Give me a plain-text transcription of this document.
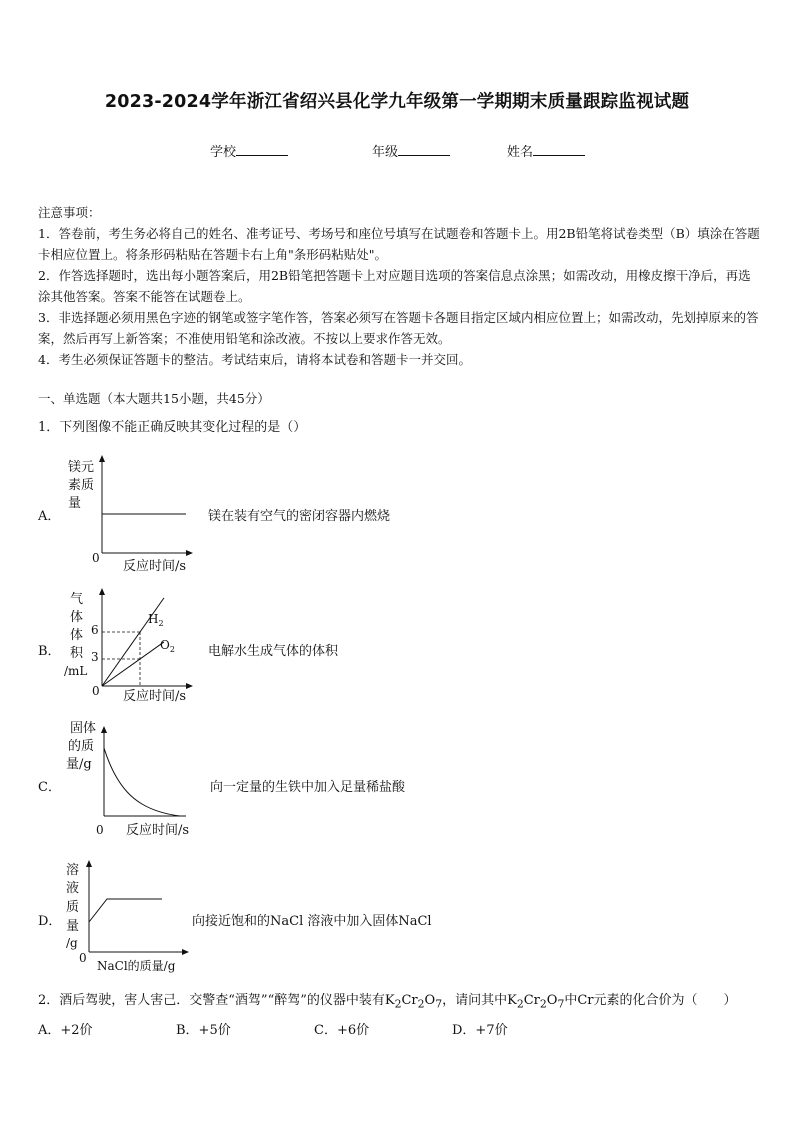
2023-2024学年浙江省绍兴县化学九年级第一学期期末质量跟踪监视试题
学校	年级	姓名

注意事项：

1．答卷前，考生务必将自己的姓名、准考证号、考场号和座位号填写在试题卷和答题卡上。用2B铅笔将试卷类型（B）填涂在答题卡相应位置上。将条形码粘贴在答题卡右上角"条形码粘贴处"。

2．作答选择题时，选出每小题答案后，用2B铅笔把答题卡上对应题目选项的答案信息点涂黑；如需改动，用橡皮擦干净后，再选涂其他答案。答案不能答在试题卷上。

3．非选择题必须用黑色字迹的钢笔或签字笔作答，答案必须写在答题卡各题目指定区域内相应位置上；如需改动，先划掉原来的答案，然后再写上新答案；不准使用铅笔和涂改液。不按以上要求作答无效。

4．考生必须保证答题卡的整洁。考试结束后，请将本试卷和答题卡一并交回。

一、单选题（本大题共15小题，共45分）
1．下列图像不能正确反映其变化过程的是（）
A．
镁元
素质
量
0
反应时间/s
镁在装有空气的密闭容器内燃烧
B．
气
体
体
积
/mL
6
3
$H_2$
$O_2$
0 反应时间/s
电解水生成气体的体积
C．
固体
的质
量/g
0 反应时间/s
向一定量的生铁中加入足量稀盐酸
D．
溶
液
质
量
/g
0
NaCl的质量/g
向接近饱和的NaCl 溶液中加入固体NaCl
2．酒后驾驶，害人害己．交警查“酒驾”“醉驾”的仪器中装有$K_2Cr_2O_7$，请问其中$K_2Cr_2O_7$中Cr元素的化合价为（　　）
A．+2价	B．+5价	C．+6价	D．+7价
